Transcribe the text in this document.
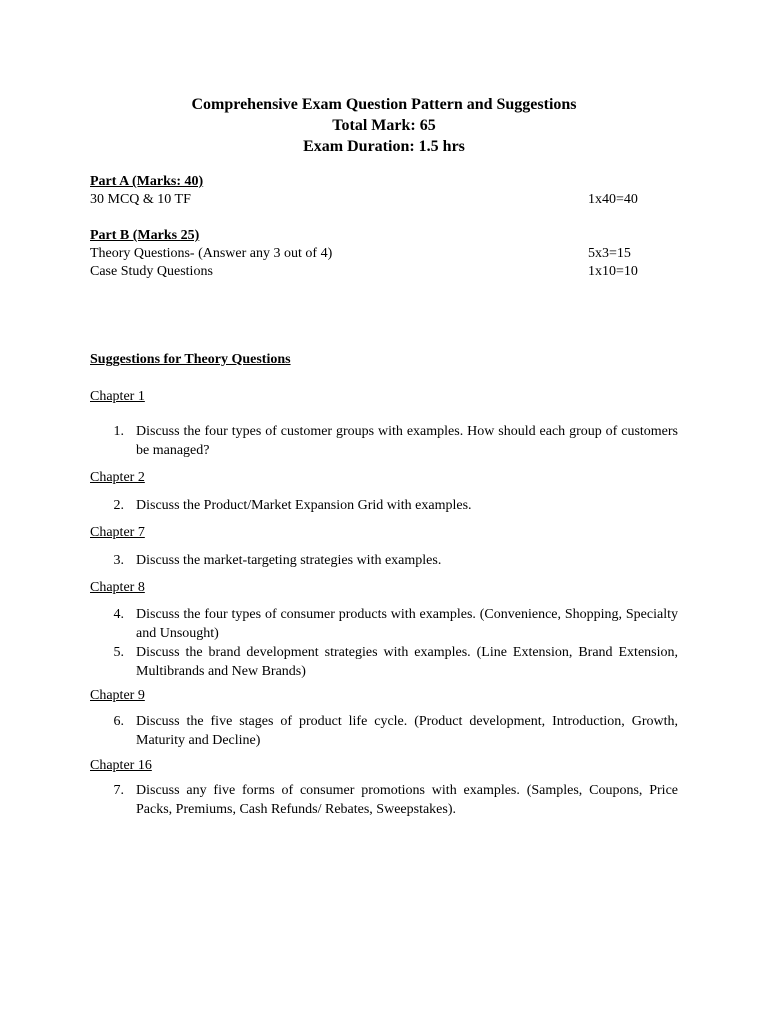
Comprehensive Exam Question Pattern and Suggestions
Total Mark: 65
Exam Duration: 1.5 hrs
Part A (Marks: 40)
30 MCQ & 10 TF	1x40=40
Part B (Marks 25)
Theory Questions- (Answer any 3 out of 4)	5x3=15
Case Study Questions	1x10=10
Suggestions for Theory Questions
Chapter 1
1. Discuss the four types of customer groups with examples. How should each group of customers be managed?
Chapter 2
2. Discuss the Product/Market Expansion Grid with examples.
Chapter 7
3. Discuss the market-targeting strategies with examples.
Chapter 8
4. Discuss the four types of consumer products with examples. (Convenience, Shopping, Specialty and Unsought)
5. Discuss the brand development strategies with examples. (Line Extension, Brand Extension, Multibrands and New Brands)
Chapter 9
6. Discuss the five stages of product life cycle. (Product development, Introduction, Growth, Maturity and Decline)
Chapter 16
7. Discuss any five forms of consumer promotions with examples. (Samples, Coupons, Price Packs, Premiums, Cash Refunds/ Rebates, Sweepstakes).
